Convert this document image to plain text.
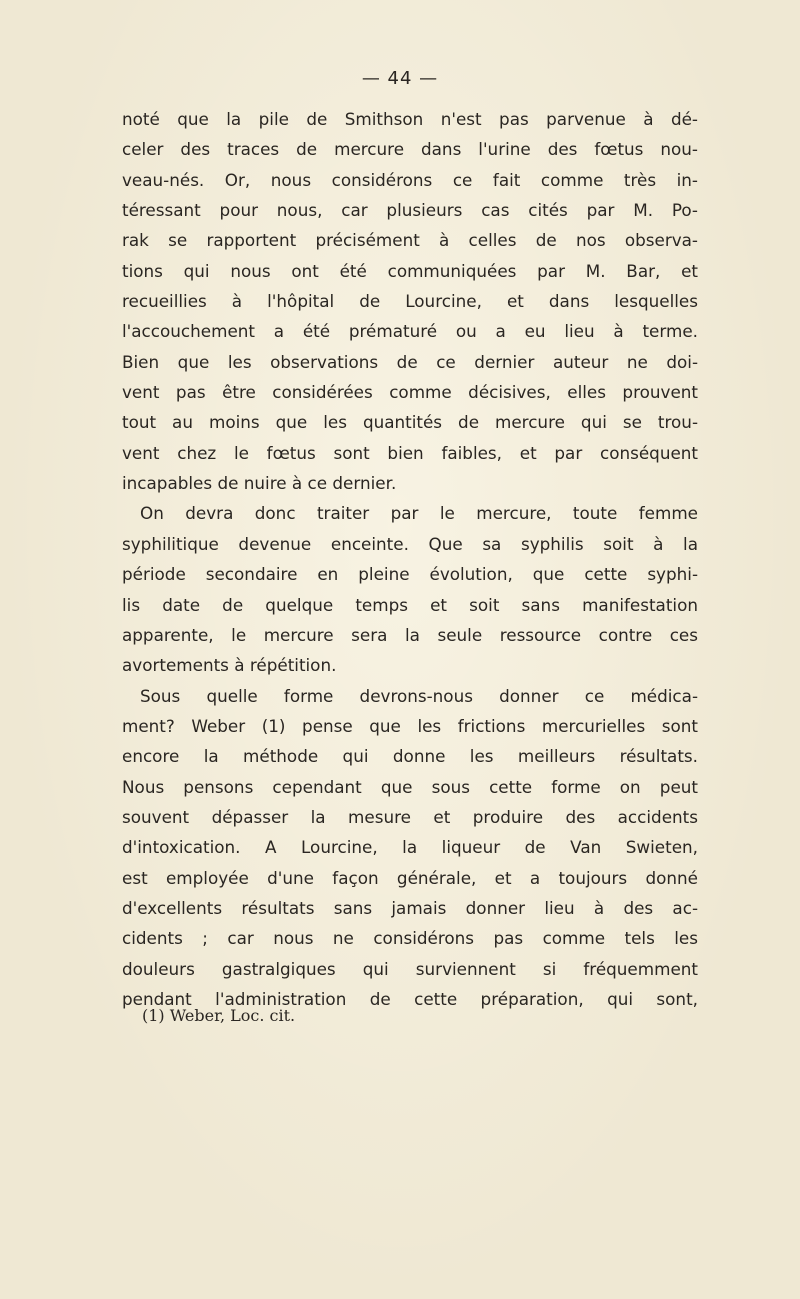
— 44 —
noté que la pile de Smithson n'est pas parvenue à dé-
celer des traces de mercure dans l'urine des fœtus nou-
veau-nés. Or, nous considérons ce fait comme très in-
téressant pour nous, car plusieurs cas cités par M. Po-
rak se rapportent précisément à celles de nos observa-
tions qui nous ont été communiquées par M. Bar, et
recueillies à l'hôpital de Lourcine, et dans lesquelles
l'accouchement a été prématuré ou a eu lieu à terme.
Bien que les observations de ce dernier auteur ne doi-
vent pas être considérées comme décisives, elles prouvent
tout au moins que les quantités de mercure qui se trou-
vent chez le fœtus sont bien faibles, et par conséquent
incapables de nuire à ce dernier.
On devra donc traiter par le mercure, toute femme
syphilitique devenue enceinte. Que sa syphilis soit à la
période secondaire en pleine évolution, que cette syphi-
lis date de quelque temps et soit sans manifestation
apparente, le mercure sera la seule ressource contre ces
avortements à répétition.
Sous quelle forme devrons-nous donner ce médica-
ment? Weber (1) pense que les frictions mercurielles sont
encore la méthode qui donne les meilleurs résultats.
Nous pensons cependant que sous cette forme on peut
souvent dépasser la mesure et produire des accidents
d'intoxication. A Lourcine, la liqueur de Van Swieten,
est employée d'une façon générale, et a toujours donné
d'excellents résultats sans jamais donner lieu à des ac-
cidents ; car nous ne considérons pas comme tels les
douleurs gastralgiques qui surviennent si fréquemment
pendant l'administration de cette préparation, qui sont,
(1) Weber, Loc. cit.
